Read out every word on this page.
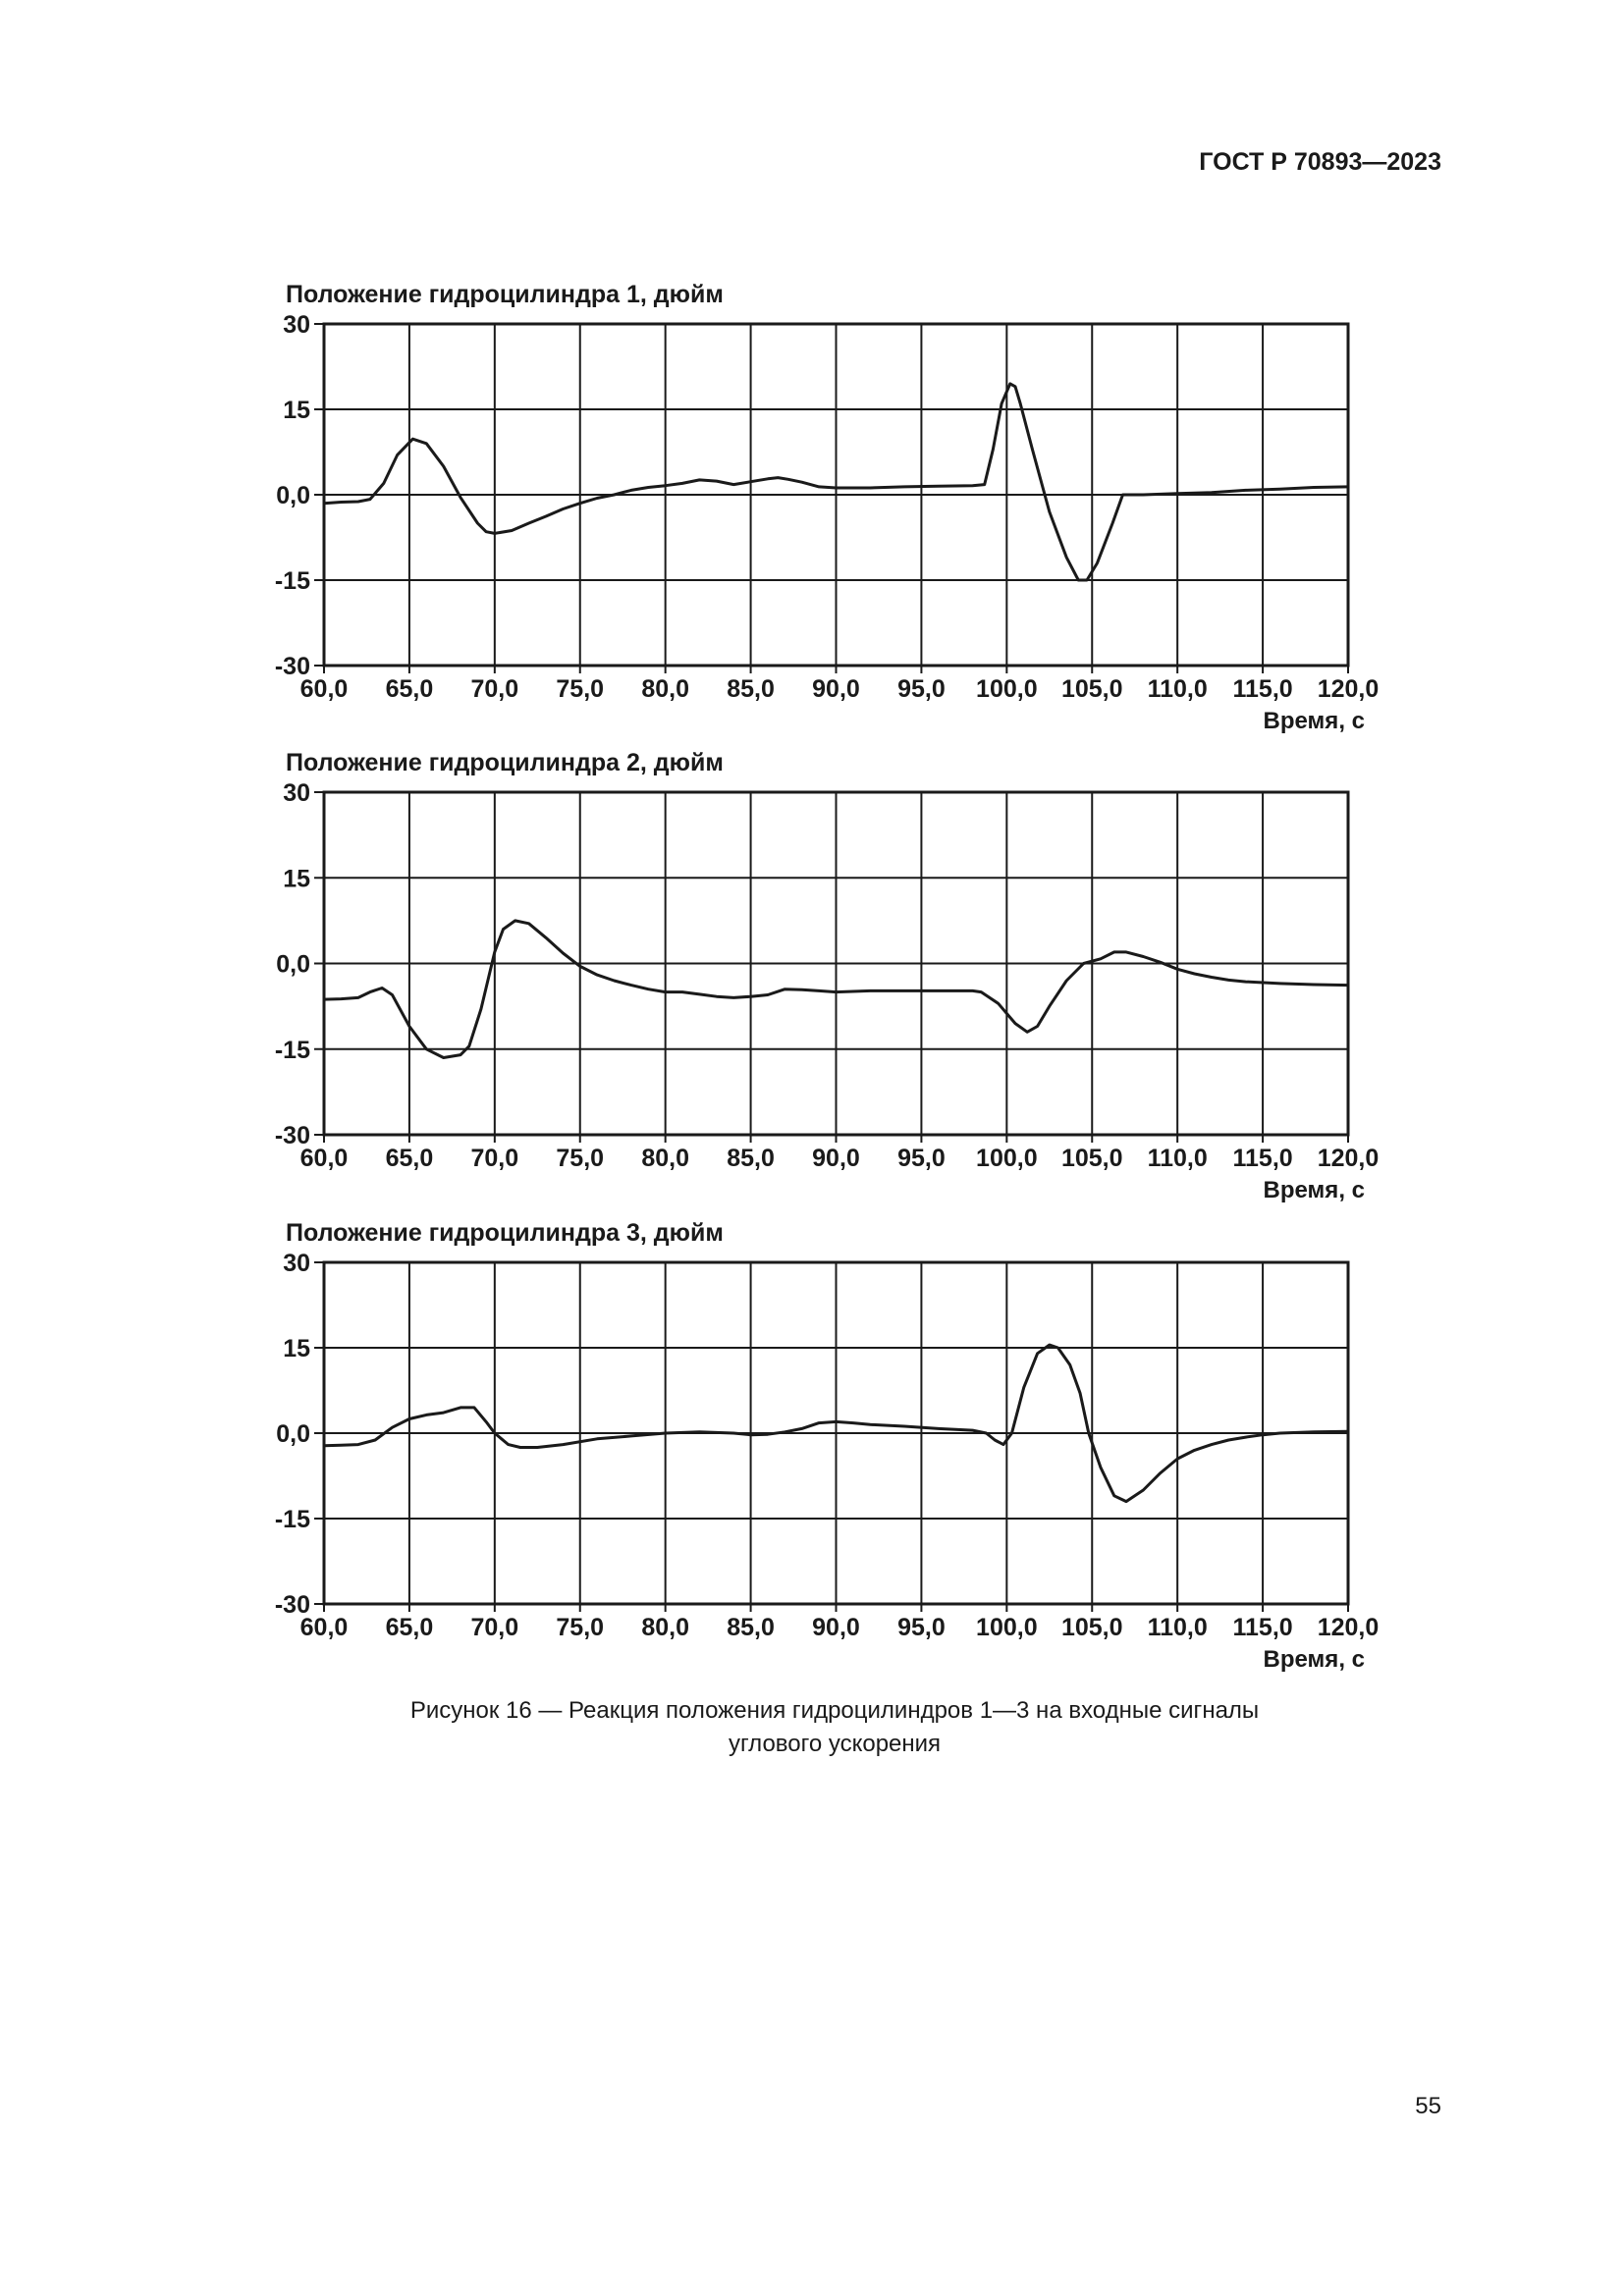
ГОСТ Р 70893—2023
Положение гидроцилиндра 1, дюйм
60,0 65,0 70,0 75,0 80,0 85,0 90,0 95,0 100,0 105,0 110,0 115,0 120,0
30
15
0,0
-15
-30
Время, с
Положение гидроцилиндра 2, дюйм
60,0 65,0 70,0 75,0 80,0 85,0 90,0 95,0 100,0 105,0 110,0 115,0 120,0
30
15
0,0
-15
-30
Время, с
Положение гидроцилиндра 3, дюйм
60,0 65,0 70,0 75,0 80,0 85,0 90,0 95,0 100,0 105,0 110,0 115,0 120,0
30
15
0,0
-15
-30
Время, с
Рисунок 16 — Реакция положения гидроцилиндров 1—3 на входные сигналы
углового ускорения
55
